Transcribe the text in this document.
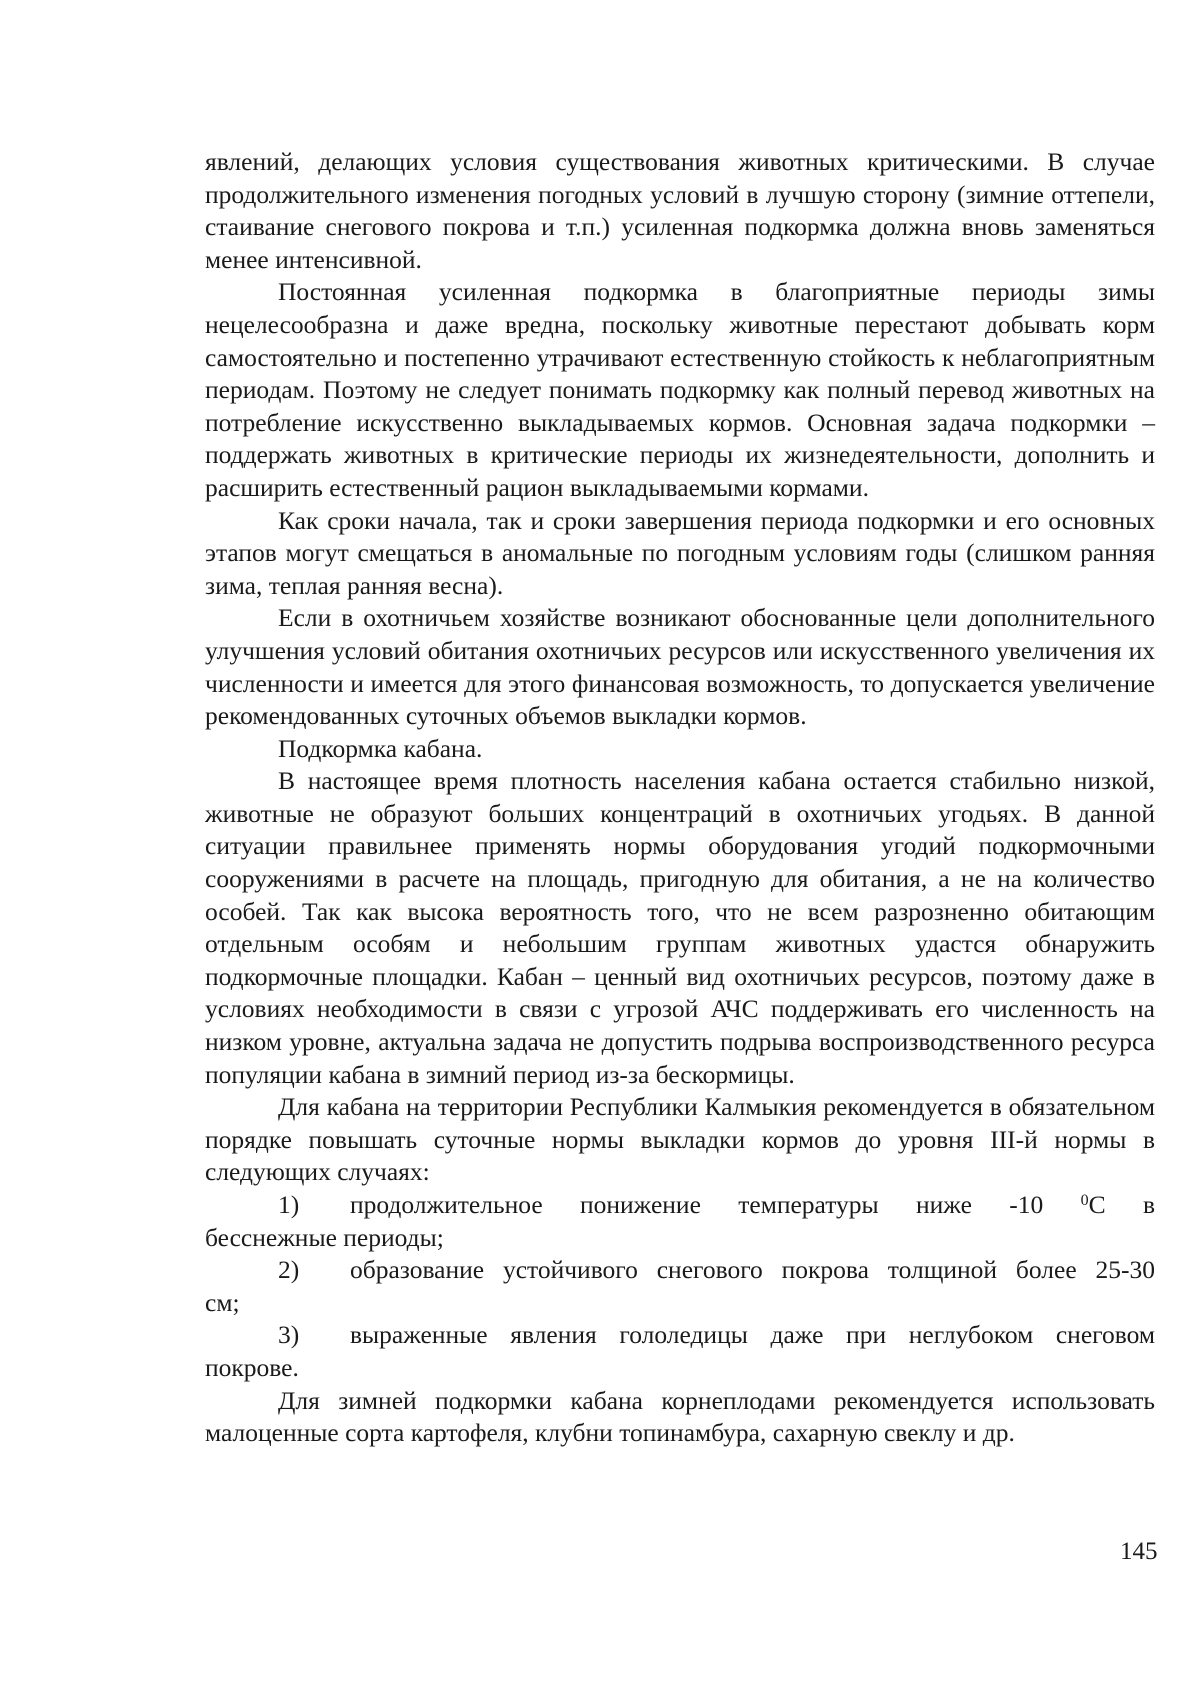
явлений, делающих условия существования животных критическими. В случае продолжительного изменения погодных условий в лучшую сторону (зимние оттепели, стаивание снегового покрова и т.п.) усиленная подкормка должна вновь заменяться менее интенсивной.

Постоянная усиленная подкормка в благоприятные периоды зимы нецелесообразна и даже вредна, поскольку животные перестают добывать корм самостоятельно и постепенно утрачивают естественную стойкость к неблагоприятным периодам. Поэтому не следует понимать подкормку как полный перевод животных на потребление искусственно выкладываемых кормов. Основная задача подкормки – поддержать животных в критические периоды их жизнедеятельности, дополнить и расширить естественный рацион выкладываемыми кормами.

Как сроки начала, так и сроки завершения периода подкормки и его основных этапов могут смещаться в аномальные по погодным условиям годы (слишком ранняя зима, теплая ранняя весна).

Если в охотничьем хозяйстве возникают обоснованные цели дополнительного улучшения условий обитания охотничьих ресурсов или искусственного увеличения их численности и имеется для этого финансовая возможность, то допускается увеличение рекомендованных суточных объемов выкладки кормов.

Подкормка кабана.

В настоящее время плотность населения кабана остается стабильно низкой, животные не образуют больших концентраций в охотничьих угодьях. В данной ситуации правильнее применять нормы оборудования угодий подкормочными сооружениями в расчете на площадь, пригодную для обитания, а не на количество особей. Так как высока вероятность того, что не всем разрозненно обитающим отдельным особям и небольшим группам животных удастся обнаружить подкормочные площадки. Кабан – ценный вид охотничьих ресурсов, поэтому даже в условиях необходимости в связи с угрозой АЧС поддерживать его численность на низком уровне, актуальна задача не допустить подрыва воспроизводственного ресурса популяции кабана в зимний период из-за бескормицы.

Для кабана на территории Республики Калмыкия рекомендуется в обязательном порядке повышать суточные нормы выкладки кормов до уровня III-й нормы в следующих случаях:

1)	продолжительное понижение температуры ниже -10 $^0$С в
бесснежные периоды;
2)	образование устойчивого снегового покрова толщиной более 25-30
см;
3)	выраженные явления гололедицы даже при неглубоком снеговом
покрове.

Для зимней подкормки кабана корнеплодами рекомендуется использовать малоценные сорта картофеля, клубни топинамбура, сахарную свеклу и др.

145
